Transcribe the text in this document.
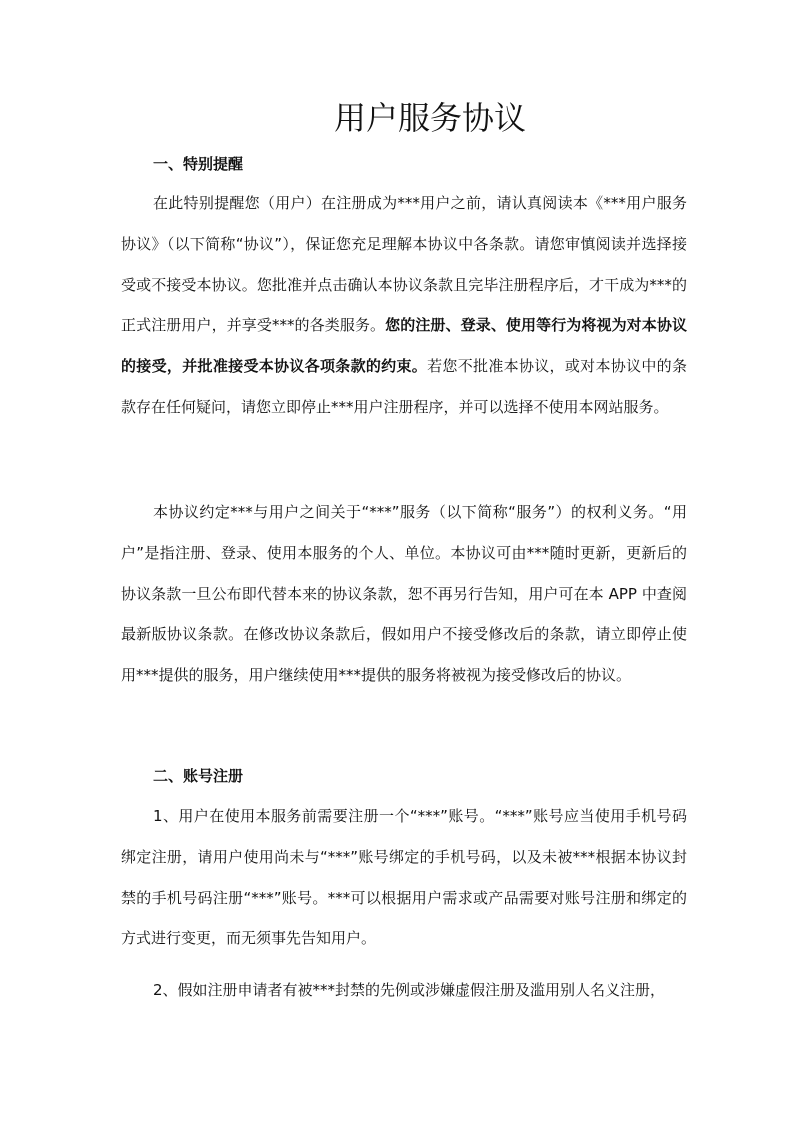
用户服务协议
一、特别提醒

在此特别提醒您（用户）在注册成为***用户之前，请认真阅读本《***用户服务协议》（以下简称“协议”），保证您充足理解本协议中各条款。请您审慎阅读并选择接受或不接受本协议。您批准并点击确认本协议条款且完毕注册程序后，才干成为***的正式注册用户，并享受***的各类服务。您的注册、登录、使用等行为将视为对本协议的接受，并批准接受本协议各项条款的约束。若您不批准本协议，或对本协议中的条款存在任何疑问，请您立即停止***用户注册程序，并可以选择不使用本网站服务。

本协议约定***与用户之间关于“***”服务（以下简称“服务”）的权利义务。“用户”是指注册、登录、使用本服务的个人、单位。本协议可由***随时更新，更新后的协议条款一旦公布即代替本来的协议条款，恕不再另行告知，用户可在本 APP 中查阅最新版协议条款。在修改协议条款后，假如用户不接受修改后的条款，请立即停止使用***提供的服务，用户继续使用***提供的服务将被视为接受修改后的协议。

二、账号注册

1、用户在使用本服务前需要注册一个“***”账号。“***”账号应当使用手机号码绑定注册，请用户使用尚未与“***”账号绑定的手机号码，以及未被***根据本协议封禁的手机号码注册“***”账号。***可以根据用户需求或产品需要对账号注册和绑定的方式进行变更，而无须事先告知用户。

2、假如注册申请者有被***封禁的先例或涉嫌虚假注册及滥用别人名义注册，
